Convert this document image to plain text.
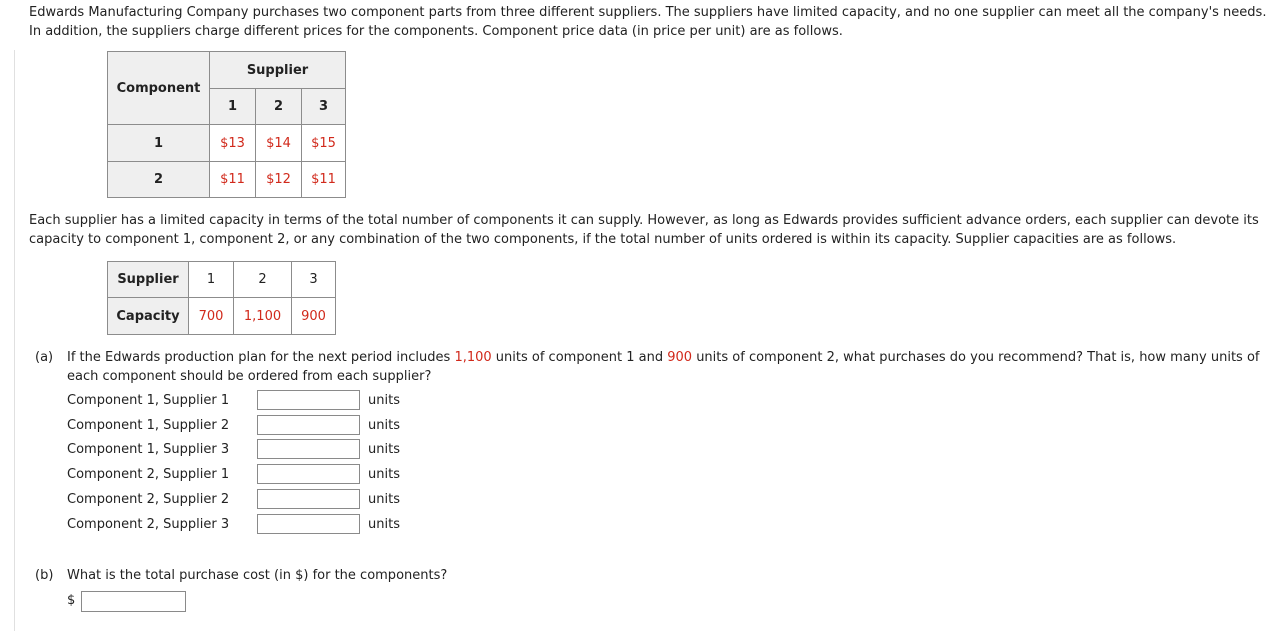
Edwards Manufacturing Company purchases two component parts from three different suppliers. The suppliers have limited capacity, and no one supplier can meet all the company's needs.
In addition, the suppliers charge different prices for the components. Component price data (in price per unit) are as follows.
Component	Supplier		
	1	2	3
1	$13	$14	$15
2	$11	$12	$11
Each supplier has a limited capacity in terms of the total number of components it can supply. However, as long as Edwards provides sufficient advance orders, each supplier can devote its
capacity to component 1, component 2, or any combination of the two components, if the total number of units ordered is within its capacity. Supplier capacities are as follows.
Supplier	1	2	3
Capacity	700	1,100	900
(a) If the Edwards production plan for the next period includes 1,100 units of component 1 and 900 units of component 2, what purchases do you recommend? That is, how many units of each component should be ordered from each supplier?
Component 1, Supplier 1	units
Component 1, Supplier 2	units
Component 1, Supplier 3	units
Component 2, Supplier 1	units
Component 2, Supplier 2	units
Component 2, Supplier 3	units
(b) What is the total purchase cost (in $) for the components?
$
